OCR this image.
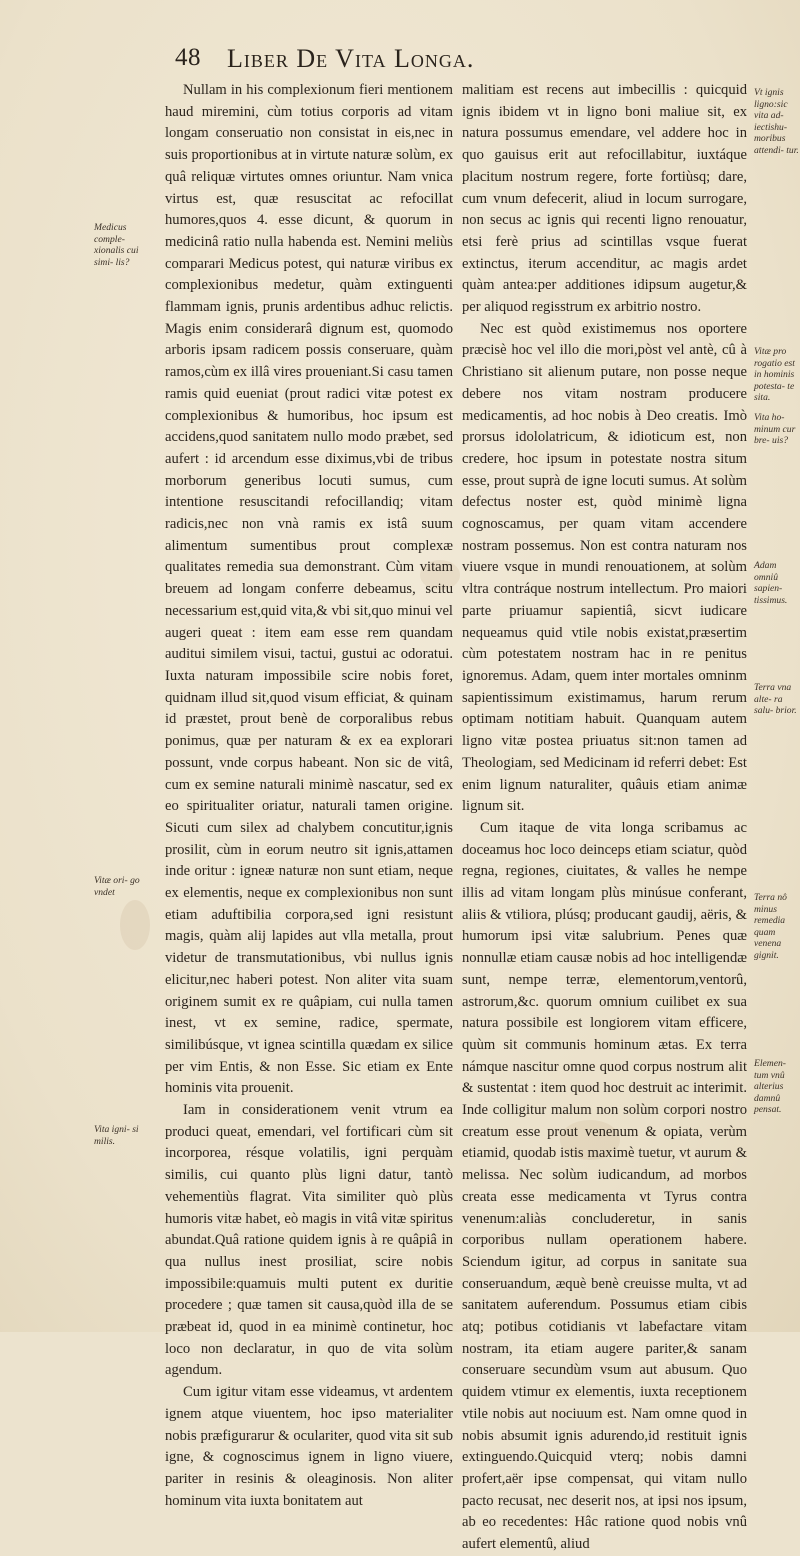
48 Liber De Vita Longa.

Nullam in his complexionum fieri mentionem haud miremini, cùm totius corporis ad vitam longam conseruatio non consistat in eis,nec in suis proportionibus at in virtute naturæ solùm, ex quâ reliquæ virtutes omnes oriuntur. Nam vnica virtus est, quæ resuscitat ac refocillat humores,quos 4. esse dicunt, & quorum in medicinâ ratio nulla habenda est. Nemini meliùs comparari Medicus potest, qui naturæ viribus ex complexionibus medetur, quàm extinguenti flammam ignis, prunis ardentibus adhuc relictis. Magis enim considerarâ dignum est, quomodo arboris ipsam radicem possis conseruare, quàm ramos,cùm ex illâ vires proueniant.Si casu tamen ramis quid eueniat (prout radici vitæ potest ex complexionibus & humoribus, hoc ipsum est accidens,quod sanitatem nullo modo præbet, sed aufert : id arcendum esse diximus,vbi de tribus morborum generibus locuti sumus, cum intentione resuscitandi refocillandiq; vitam radicis,nec non vnà ramis ex istâ suum alimentum sumentibus prout complexæ qualitates remedia sua demonstrant. Cùm vitam breuem ad longam conferre debeamus, scitu necessarium est,quid vita,& vbi sit,quo minui vel augeri queat : item eam esse rem quandam auditui similem visui, tactui, gustui ac odoratui. Iuxta naturam impossibile scire nobis foret, quidnam illud sit,quod visum efficiat, & quinam id præstet, prout benè de corporalibus rebus ponimus, quæ per naturam & ex ea explorari possunt, vnde corpus habeant. Non sic de vitâ, cum ex semine naturali minimè nascatur, sed ex eo spiritualiter oriatur, naturali tamen origine. Sicuti cum silex ad chalybem concutitur,ignis prosilit, cùm in eorum neutro sit ignis,attamen inde oritur : igneæ naturæ non sunt etiam, neque ex elementis, neque ex complexionibus non sunt etiam aduftibilia corpora,sed igni resistunt magis, quàm alij lapides aut vlla metalla, prout videtur de transmutationibus, vbi nullus ignis elicitur,nec haberi potest. Non aliter vita suam originem sumit ex re quâpiam, cui nulla tamen inest, vt ex semine, radice, spermate, similibúsque, vt ignea scintilla quædam ex silice per vim Entis, & non Esse. Sic etiam ex Ente hominis vita prouenit.

Iam in considerationem venit vtrum ea produci queat, emendari, vel fortificari cùm sit incorporea, résque volatilis, igni perquàm similis, cui quanto plùs ligni datur, tantò vehementiùs flagrat. Vita similiter quò plùs humoris vitæ habet, eò magis in vitâ vitæ spiritus abundat.Quâ ratione quidem ignis à re quâpiâ in qua nullus inest prosiliat, scire nobis impossibile:quamuis multi putent ex duritie procedere ; quæ tamen sit causa,quòd illa de se præbeat id, quod in ea minimè continetur, hoc loco non declaratur, in quo de vita solùm agendum.

Cum igitur vitam esse videamus, vt ardentem ignem atque viuentem, hoc ipso materialiter nobis præfigurarur & oculariter, quod vita sit sub igne, & cognoscimus ignem in ligno viuere, pariter in resinis & oleaginosis. Non aliter hominum vita iuxta bonitatem aut

malitiam est recens aut imbecillis : quicquid ignis ibidem vt in ligno boni maliue sit, ex natura possumus emendare, vel addere hoc in quo gauisus erit aut refocillabitur, iuxtáque placitum nostrum regere, forte fortiùsq; dare, cum vnum defecerit, aliud in locum surrogare, non secus ac ignis qui recenti ligno renouatur, etsi ferè prius ad scintillas vsque fuerat extinctus, iterum accenditur, ac magis ardet quàm antea:per additiones idipsum augetur,& per aliquod regisstrum ex arbitrio nostro.

Nec est quòd existimemus nos oportere præcisè hoc vel illo die mori,pòst vel antè, cû à Christiano sit alienum putare, non posse neque debere nos vitam nostram producere medicamentis, ad hoc nobis à Deo creatis. Imò prorsus idololatricum, & idioticum est, non credere, hoc ipsum in potestate nostra situm esse, prout suprà de igne locuti sumus. At solùm defectus noster est, quòd minimè ligna cognoscamus, per quam vitam accendere nostram possemus. Non est contra naturam nos viuere vsque in mundi renouationem, at solùm vltra contráque nostrum intellectum. Pro maiori parte priuamur sapientiâ, sicvt iudicare nequeamus quid vtile nobis existat,præsertim cùm potestatem nostram hac in re penitus ignoremus. Adam, quem inter mortales omninm sapientissimum existimamus, harum rerum optimam notitiam habuit. Quanquam autem ligno vitæ postea priuatus sit:non tamen ad Theologiam, sed Medicinam id referri debet: Est enim lignum naturaliter, quâuis etiam animæ lignum sit.

Cum itaque de vita longa scribamus ac doceamus hoc loco deinceps etiam sciatur, quòd regna, regiones, ciuitates, & valles he nempe illis ad vitam longam plùs minúsue conferant, aliis & vtiliora, plúsq; producant gaudij, aëris, & humorum ipsi vitæ salubrium. Penes quæ nonnullæ etiam causæ nobis ad hoc intelligendæ sunt, nempe terræ, elementorum,ventorû, astrorum,&c. quorum omnium cuilibet ex sua natura possibile est longiorem vitam efficere, quùm sit communis hominum ætas. Ex terra námque nascitur omne quod corpus nostrum alit & sustentat : item quod hoc destruit ac interimit. Inde colligitur malum non solùm corpori nostro creatum esse prout venenum & opiata, verùm etiamid, quodab istis maximè tuetur, vt aurum & melissa. Nec solùm iudicandum, ad morbos creata esse medicamenta vt Tyrus contra venenum:aliàs concluderetur, in sanis corporibus nullam operationem habere. Sciendum igitur, ad corpus in sanitate sua conseruandum, æquè benè creuisse multa, vt ad sanitatem auferendum. Possumus etiam cibis atq; potibus cotidianis vt labefactare vitam nostram, ita etiam augere pariter,& sanam conseruare secundùm vsum aut abusum. Quo quidem vtimur ex elementis, iuxta receptionem vtile nobis aut nociuum est. Nam omne quod in nobis absumit ignis adurendo,id restituit ignis extinguendo.Quicquid vterq; nobis damni profert,aër ipse compensat, qui vitam nullo pacto recusat, nec deserit nos, at ipsi nos ipsum, ab eo recedentes: Hâc ratione quod nobis vnû aufert elementû, aliud

Medicus comple- xionalis cui simi- lis?
Vitæ ori- go vndet
Vita igni- si milis.
Vt ignis ligno:sic vita ad- iectishu- moribus attendi- tur.
Vitæ pro rogatio est in hominis potesta- te sita.
Vita ho- minum cur bre- uis?
Adam omniû sapien- tissimus.
Terra vna alte- ra salu- brior.
Terra nô minus remedia quam venena gignit.
Elemen- tum vnû alterius damnû pensat.
